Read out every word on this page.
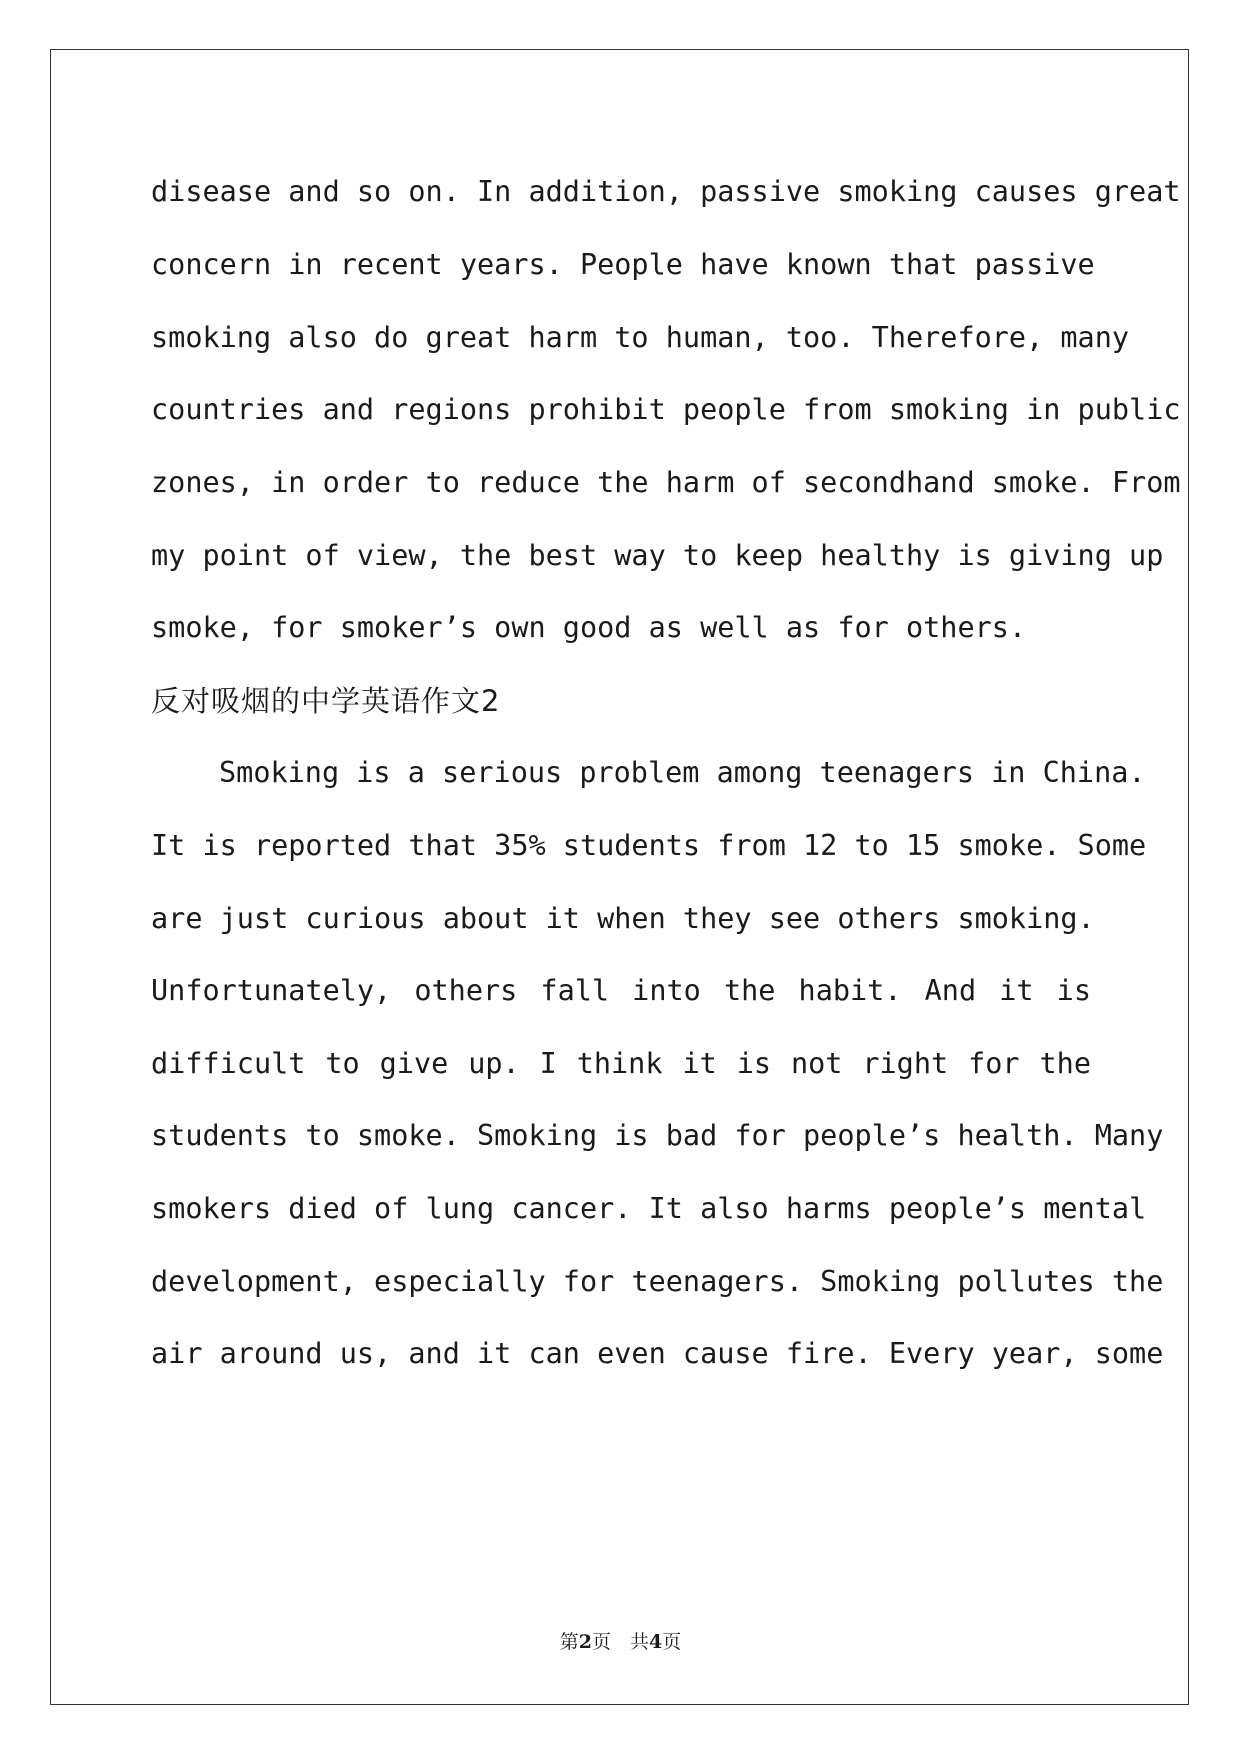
disease and so on. In addition, passive smoking causes great
concern in recent years. People have known that passive
smoking also do great harm to human, too. Therefore, many
countries and regions prohibit people from smoking in public
zones, in order to reduce the harm of secondhand smoke. From
my point of view, the best way to keep healthy is giving up
smoke, for smoker’s own good as well as for others.
反对吸烟的中学英语作文2
Smoking is a serious problem among teenagers in China.
It is reported that 35% students from 12 to 15 smoke. Some
are just curious about it when they see others smoking.
Unfortunately, others fall into the habit. And it is
difficult to give up. I think it is not right for the
students to smoke. Smoking is bad for people’s health. Many
smokers died of lung cancer. It also harms people’s mental
development, especially for teenagers. Smoking pollutes the
air around us, and it can even cause fire. Every year, some
第2页　共4页
